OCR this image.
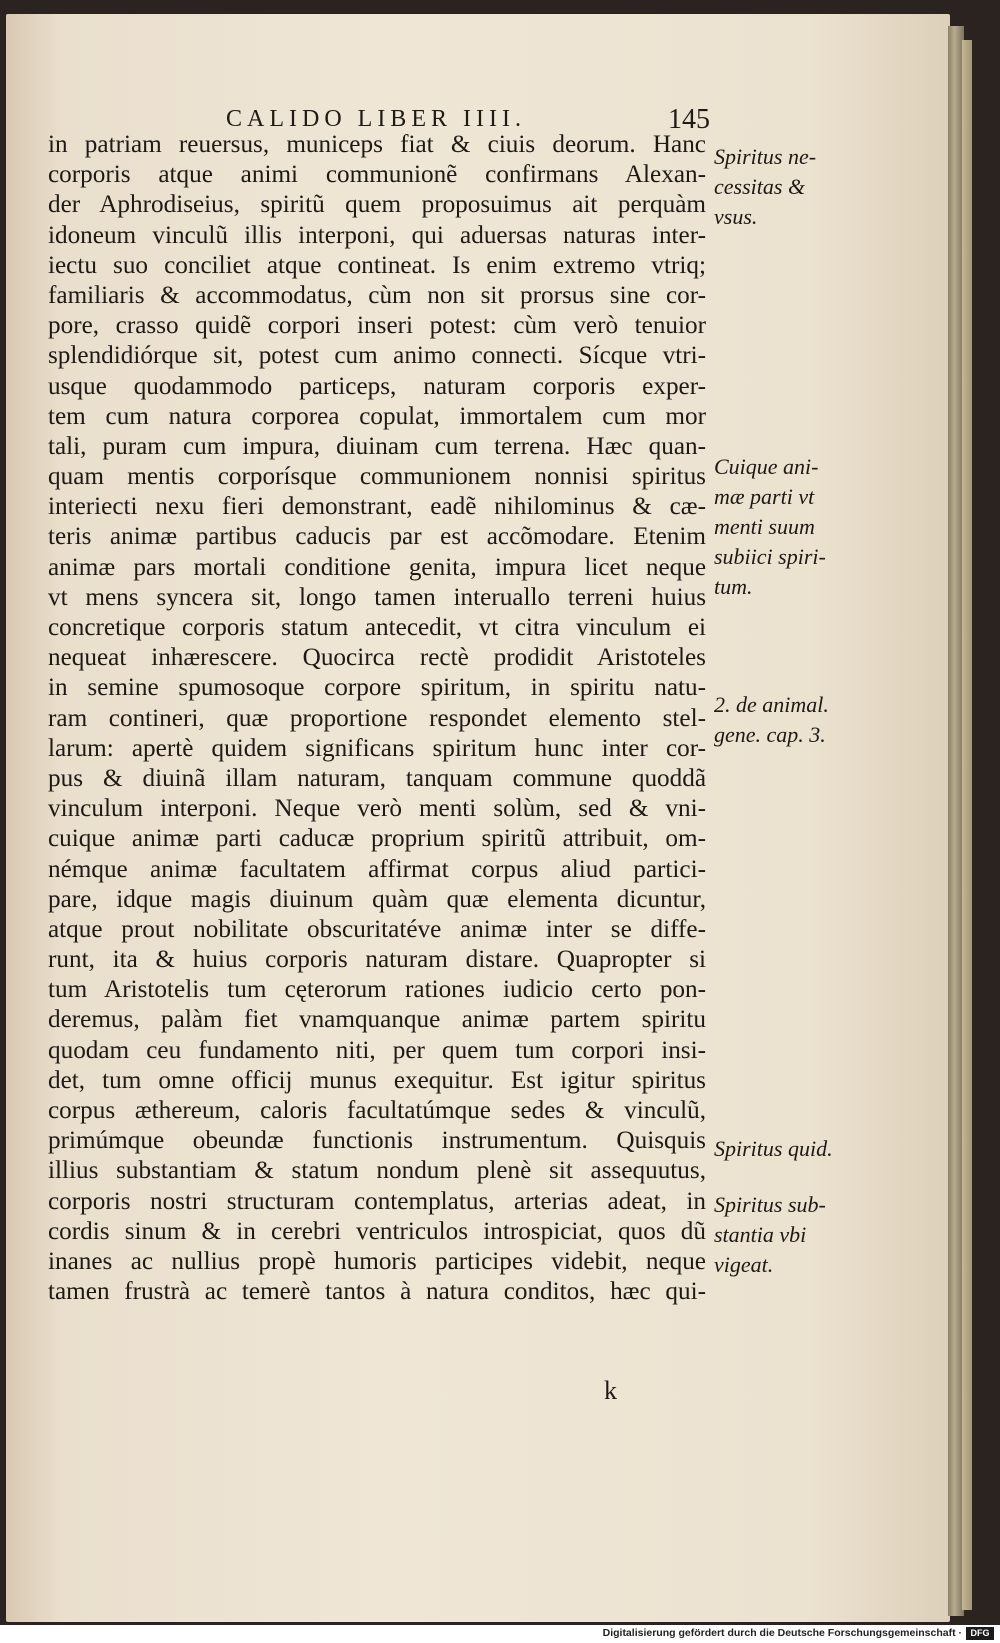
CALIDO LIBER IIII.	145
in patriam reuersus, municeps fiat & ciuis deorum. Hanc
corporis atque animi communionẽ confirmans Alexan-
der Aphrodiseius, spiritũ quem proposuimus ait perquàm
idoneum vinculũ illis interponi, qui aduersas naturas inter-
iectu suo conciliet atque contineat. Is enim extremo vtriq;
familiaris & accommodatus, cùm non sit prorsus sine cor-
pore, crasso quidẽ corpori inseri potest: cùm verò tenuior
splendidiórque sit, potest cum animo connecti. Sícque vtri-
usque quodammodo particeps, naturam corporis exper-
tem cum natura corporea copulat, immortalem cum mor
tali, puram cum impura, diuinam cum terrena. Hæc quan-
quam mentis corporísque communionem nonnisi spiritus
interiecti nexu fieri demonstrant, eadẽ nihilominus & cæ-
teris animæ partibus caducis par est accõmodare. Etenim
animæ pars mortali conditione genita, impura licet neque
vt mens syncera sit, longo tamen interuallo terreni huius
concretique corporis statum antecedit, vt citra vinculum ei
nequeat inhærescere. Quocirca rectè prodidit Aristoteles
in semine spumosoque corpore spiritum, in spiritu natu-
ram contineri, quæ proportione respondet elemento stel-
larum: apertè quidem significans spiritum hunc inter cor-
pus & diuinã illam naturam, tanquam commune quoddã
vinculum interponi. Neque verò menti solùm, sed & vni-
cuique animæ parti caducæ proprium spiritũ attribuit, om-
némque animæ facultatem affirmat corpus aliud partici-
pare, idque magis diuinum quàm quæ elementa dicuntur,
atque prout nobilitate obscuritatéve animæ inter se diffe-
runt, ita & huius corporis naturam distare. Quapropter si
tum Aristotelis tum cęterorum rationes iudicio certo pon-
deremus, palàm fiet vnamquanque animæ partem spiritu
quodam ceu fundamento niti, per quem tum corpori insi-
det, tum omne officij munus exequitur. Est igitur spiritus
corpus æthereum, caloris facultatúmque sedes & vinculũ,
primúmque obeundæ functionis instrumentum. Quisquis
illius substantiam & statum nondum plenè sit assequutus,
corporis nostri structuram contemplatus, arterias adeat, in
cordis sinum & in cerebri ventriculos introspiciat, quos dũ
inanes ac nullius propè humoris participes videbit, neque
tamen frustrà ac temerè tantos à natura conditos, hæc qui-
Spiritus ne-
cessitas &
vsus.
Cuique ani-
mæ parti vt
menti suum
subiici spiri-
tum.
2. de animal.
gene. cap. 3.
Spiritus quid.
Spiritus sub-
stantia vbi
vigeat.
k
Digitalisierung gefördert durch die Deutsche Forschungsgemeinschaft · DFG
